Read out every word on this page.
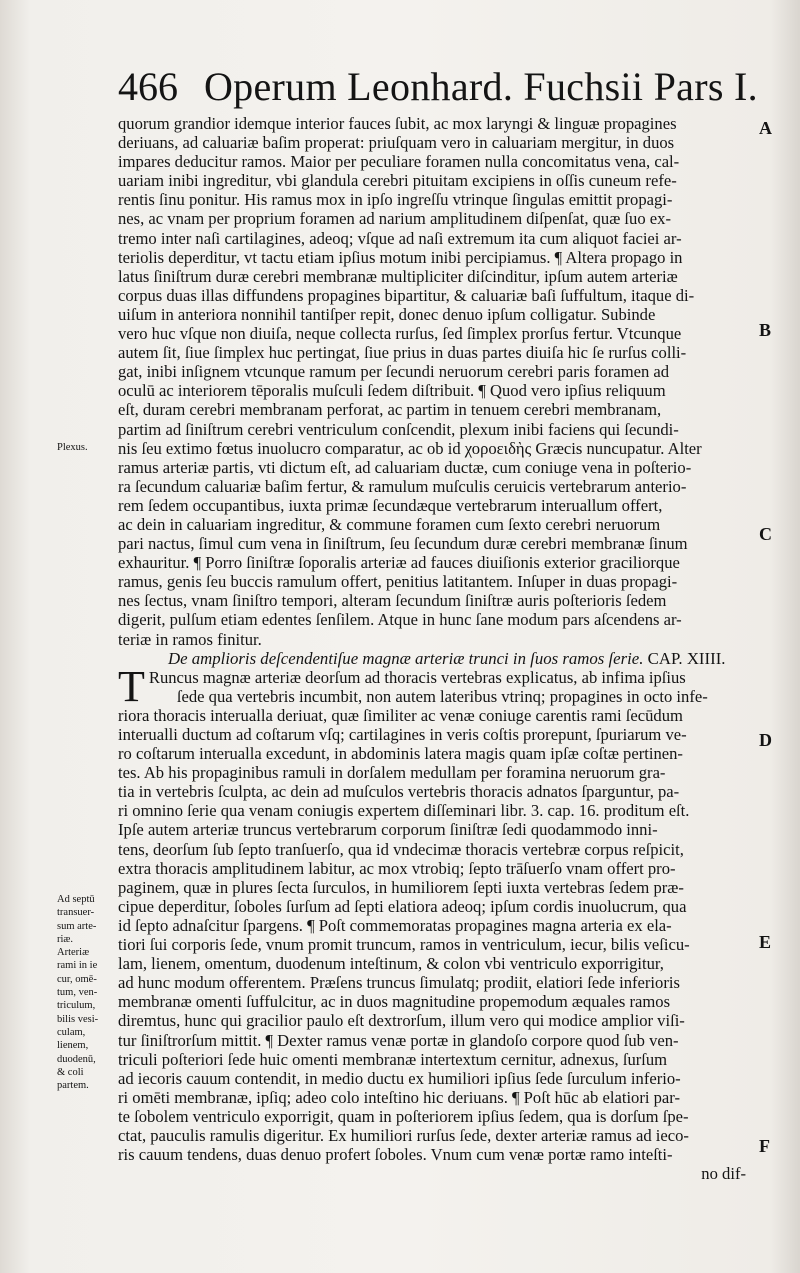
466 Operum Leonhard. Fuchsii Pars I.
A
B
C
D
E
F
Plexus.
Ad septū
transuer-
sum arte-
riæ.
Arteriæ
rami in ie
cur, omē-
tum, ven-
triculum,
bilis vesi-
culam,
lienem,
duodenū,
& coli
partem.
quorum grandior idemque interior fauces ſubit, ac mox laryngi & linguæ propagines
deriuans, ad caluariæ baſim properat: priuſquam vero in caluariam mergitur, in duos
impares deducitur ramos. Maior per peculiare foramen nulla concomitatus vena, cal-
uariam inibi ingreditur, vbi glandula cerebri pituitam excipiens in oſſis cuneum refe-
rentis ſinu ponitur. His ramus mox in ipſo ingreſſu vtrinque ſingulas emittit propagi-
nes, ac vnam per proprium foramen ad narium amplitudinem diſpenſat, quæ ſuo ex-
tremo inter naſi cartilagines, adeoq; vſque ad naſi extremum ita cum aliquot faciei ar-
teriolis deperditur, vt tactu etiam ipſius motum inibi percipiamus. ¶ Altera propago in
latus ſiniſtrum duræ cerebri membranæ multipliciter diſcinditur, ipſum autem arteriæ
corpus duas illas diffundens propagines bipartitur, & caluariæ baſi ſuffultum, itaque di-
uiſum in anteriora nonnihil tantiſper repit, donec denuo ipſum colligatur. Subinde
vero huc vſque non diuiſa, neque collecta rurſus, ſed ſimplex prorſus fertur. Vtcunque
autem ſit, ſiue ſimplex huc pertingat, ſiue prius in duas partes diuiſa hic ſe rurſus colli-
gat, inibi inſignem vtcunque ramum per ſecundi neruorum cerebri paris foramen ad
oculū ac interiorem tēporalis muſculi ſedem diſtribuit. ¶ Quod vero ipſius reliquum
eſt, duram cerebri membranam perforat, ac partim in tenuem cerebri membranam,
partim ad ſiniſtrum cerebri ventriculum conſcendit, plexum inibi faciens qui ſecundi-
nis ſeu extimo fœtus inuolucro comparatur, ac ob id χοροειδὴς Græcis nuncupatur. Alter
ramus arteriæ partis, vti dictum eſt, ad caluariam ductæ, cum coniuge vena in poſterio-
ra ſecundum caluariæ baſim fertur, & ramulum muſculis ceruicis vertebrarum anterio-
rem ſedem occupantibus, iuxta primæ ſecundæque vertebrarum interuallum offert,
ac dein in caluariam ingreditur, & commune foramen cum ſexto cerebri neruorum
pari nactus, ſimul cum vena in ſiniſtrum, ſeu ſecundum duræ cerebri membranæ ſinum
exhauritur. ¶ Porro ſiniſtræ ſoporalis arteriæ ad fauces diuiſionis exterior graciliorque
ramus, genis ſeu buccis ramulum offert, penitius latitantem. Inſuper in duas propagi-
nes ſectus, vnam ſiniſtro tempori, alteram ſecundum ſiniſtræ auris poſterioris ſedem
digerit, pulſum etiam edentes ſenſilem. Atque in hunc ſane modum pars aſcendens ar-
teriæ in ramos finitur.
De amplioris deſcendentiſue magnæ arteriæ trunci in ſuos ramos ſerie. CAP. XIIII.
T Runcus magnæ arteriæ deorſum ad thoracis vertebras explicatus, ab infima ipſius
ſede qua vertebris incumbit, non autem lateribus vtrinq; propagines in octo infe-
riora thoracis interualla deriuat, quæ ſimiliter ac venæ coniuge carentis rami ſecūdum
interualli ductum ad coſtarum vſq; cartilagines in veris coſtis prorepunt, ſpuriarum ve-
ro coſtarum interualla excedunt, in abdominis latera magis quam ipſæ coſtæ pertinen-
tes. Ab his propaginibus ramuli in dorſalem medullam per foramina neruorum gra-
tia in vertebris ſculpta, ac dein ad muſculos vertebris thoracis adnatos ſparguntur, pa-
ri omnino ſerie qua venam coniugis expertem diſſeminari libr. 3. cap. 16. proditum eſt.
Ipſe autem arteriæ truncus vertebrarum corporum ſiniſtræ ſedi quodammodo inni-
tens, deorſum ſub ſepto tranſuerſo, qua id vndecimæ thoracis vertebræ corpus reſpicit,
extra thoracis amplitudinem labitur, ac mox vtrobiq; ſepto trāſuerſo vnam offert pro-
paginem, quæ in plures ſecta ſurculos, in humiliorem ſepti iuxta vertebras ſedem præ-
cipue deperditur, ſoboles ſurſum ad ſepti elatiora adeoq; ipſum cordis inuolucrum, qua
id ſepto adnaſcitur ſpargens. ¶ Poſt commemoratas propagines magna arteria ex ela-
tiori ſui corporis ſede, vnum promit truncum, ramos in ventriculum, iecur, bilis veſicu-
lam, lienem, omentum, duodenum inteſtinum, & colon vbi ventriculo exporrigitur,
ad hunc modum offerentem. Præſens truncus ſimulatq; prodiit, elatiori ſede inferioris
membranæ omenti ſuffulcitur, ac in duos magnitudine propemodum æquales ramos
diremtus, hunc qui gracilior paulo eſt dextrorſum, illum vero qui modice amplior viſi-
tur ſiniſtrorſum mittit. ¶ Dexter ramus venæ portæ in glandoſo corpore quod ſub ven-
triculi poſteriori ſede huic omenti membranæ intertextum cernitur, adnexus, ſurſum
ad iecoris cauum contendit, in medio ductu ex humiliori ipſius ſede ſurculum inferio-
ri omēti membranæ, ipſiq; adeo colo inteſtino hic deriuans. ¶ Poſt hūc ab elatiori par-
te ſobolem ventriculo exporrigit, quam in poſteriorem ipſius ſedem, qua is dorſum ſpe-
ctat, pauculis ramulis digeritur. Ex humiliori rurſus ſede, dexter arteriæ ramus ad ieco-
ris cauum tendens, duas denuo profert ſoboles. Vnum cum venæ portæ ramo inteſti-
no dif-
